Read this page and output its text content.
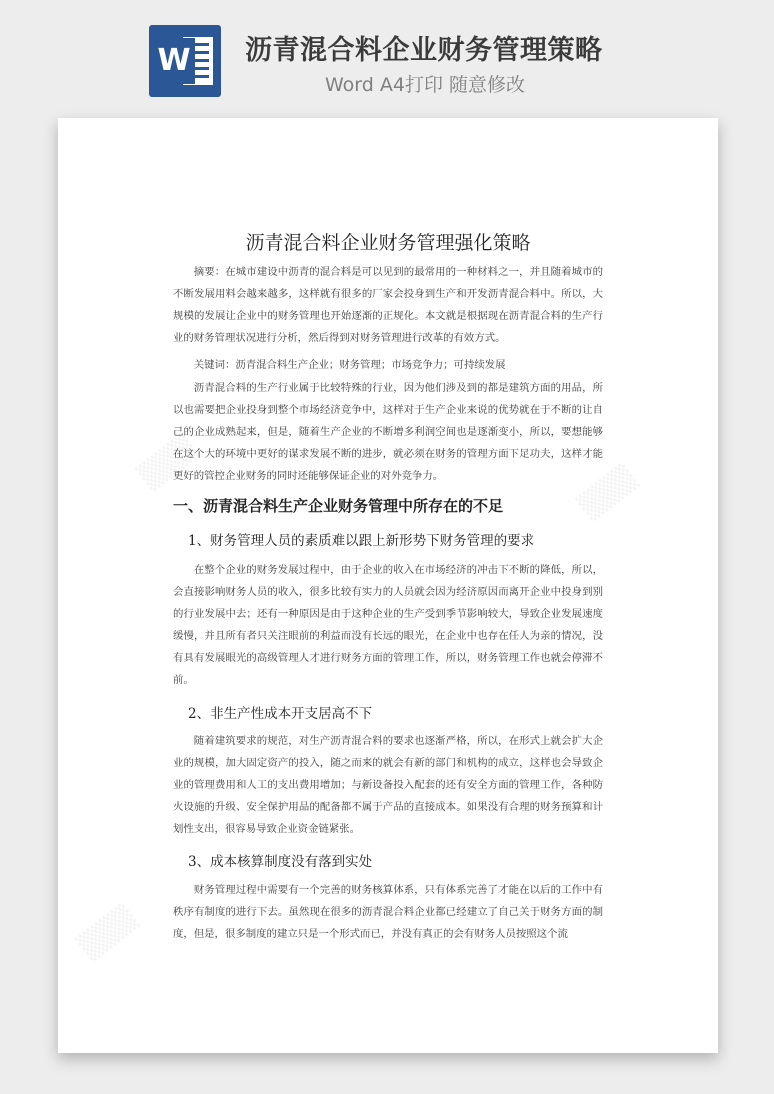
W 沥青混合料企业财务管理策略
Word A4打印 随意修改
▒▒▒	▒▒▒
▒▒▒
沥青混合料企业财务管理强化策略

摘要：在城市建设中沥青的混合料是可以见到的最常用的一种材料之一，并且随着城市的不断发展用料会越来越多，这样就有很多的厂家会投身到生产和开发沥青混合料中。所以，大规模的发展让企业中的财务管理也开始逐渐的正规化。本文就是根据现在沥青混合料的生产行业的财务管理状况进行分析，然后得到对财务管理进行改革的有效方式。

关键词：沥青混合料生产企业；财务管理；市场竞争力；可持续发展

沥青混合料的生产行业属于比较特殊的行业，因为他们涉及到的都是建筑方面的用品，所以也需要把企业投身到整个市场经济竞争中，这样对于生产企业来说的优势就在于不断的让自己的企业成熟起来，但是，随着生产企业的不断增多利润空间也是逐渐变小，所以，要想能够在这个大的环境中更好的谋求发展不断的进步，就必须在财务的管理方面下足功夫，这样才能更好的管控企业财务的同时还能够保证企业的对外竞争力。

一、沥青混合料生产企业财务管理中所存在的不足
1、财务管理人员的素质难以跟上新形势下财务管理的要求

在整个企业的财务发展过程中，由于企业的收入在市场经济的冲击下不断的降低，所以，会直接影响财务人员的收入，很多比较有实力的人员就会因为经济原因而离开企业中投身到别的行业发展中去；还有一种原因是由于这种企业的生产受到季节影响较大，导致企业发展速度缓慢，并且所有者只关注眼前的利益而没有长远的眼光，在企业中也存在任人为亲的情况，没有具有发展眼光的高级管理人才进行财务方面的管理工作，所以，财务管理工作也就会停滞不前。

2、非生产性成本开支居高不下

随着建筑要求的规范，对生产沥青混合料的要求也逐渐严格，所以，在形式上就会扩大企业的规模，加大固定资产的投入，随之而来的就会有新的部门和机构的成立，这样也会导致企业的管理费用和人工的支出费用增加；与新设备投入配套的还有安全方面的管理工作，各种防火设施的升级、安全保护用品的配备都不属于产品的直接成本。如果没有合理的财务预算和计划性支出，很容易导致企业资金链紧张。

3、成本核算制度没有落到实处

财务管理过程中需要有一个完善的财务核算体系，只有体系完善了才能在以后的工作中有秩序有制度的进行下去。虽然现在很多的沥青混合料企业都已经建立了自己关于财务方面的制度，但是，很多制度的建立只是一个形式而已，并没有真正的会有财务人员按照这个流
